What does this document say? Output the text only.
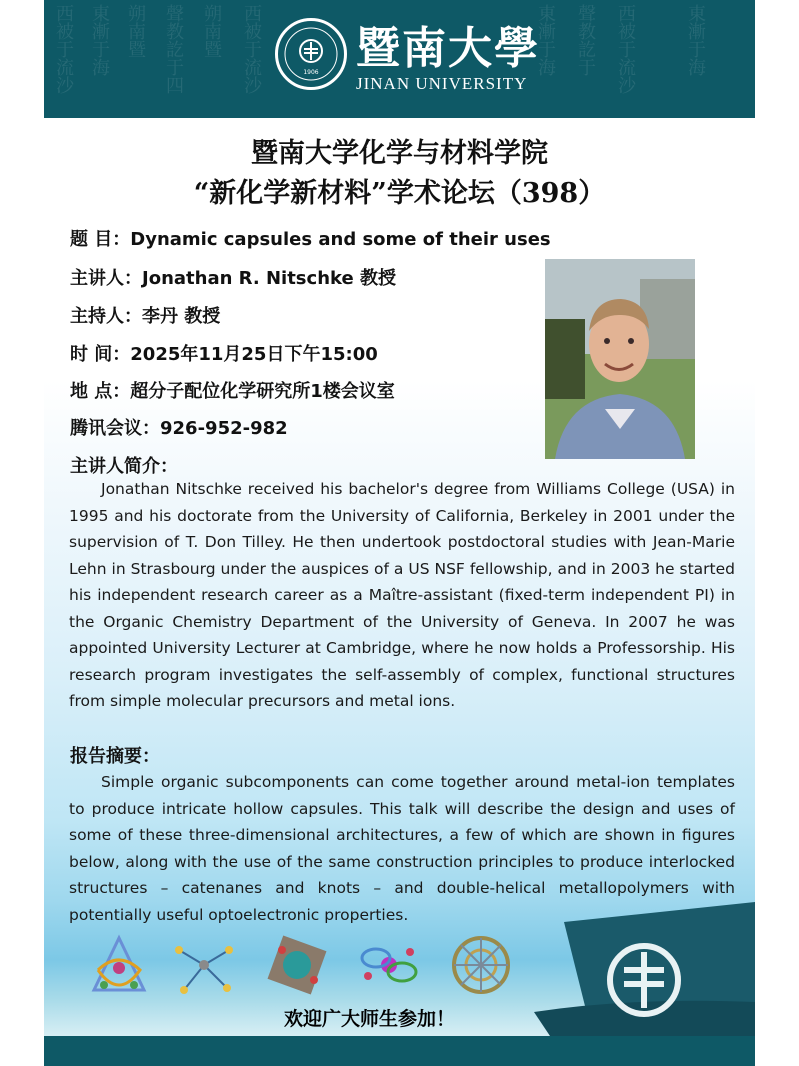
西被于流沙 東漸于海 朔南暨 聲教訖于四 朔南暨 西被于流沙	東漸于海 聲教訖于 西被于流沙	東漸于海
1906 暨南大學
JINAN UNIVERSITY
暨南大学化学与材料学院
“新化学新材料”学术论坛（398）
题 目：Dynamic capsules and some of their uses
主讲人：Jonathan R. Nitschke 教授
主持人：李丹 教授
时 间：2025年11月25日下午15:00
地 点：超分子配位化学研究所1楼会议室
腾讯会议：926-952-982
主讲人简介：

Jonathan Nitschke received his bachelor's degree from Williams College (USA) in 1995 and his doctorate from the University of California, Berkeley in 2001 under the supervision of T. Don Tilley. He then undertook postdoctoral studies with Jean-Marie Lehn in Strasbourg under the auspices of a US NSF fellowship, and in 2003 he started his independent research career as a Maître-assistant (fixed-term independent PI) in the Organic Chemistry Department of the University of Geneva. In 2007 he was appointed University Lecturer at Cambridge, where he now holds a Professorship. His research program investigates the self-assembly of complex, functional structures from simple molecular precursors and metal ions.

报告摘要：

Simple organic subcomponents can come together around metal-ion templates to produce intricate hollow capsules. This talk will describe the design and uses of some of these three-dimensional architectures, a few of which are shown in figures below, along with the use of the same construction principles to produce interlocked structures – catenanes and knots – and double-helical metallopolymers with potentially useful optoelectronic properties.

欢迎广大师生参加！
